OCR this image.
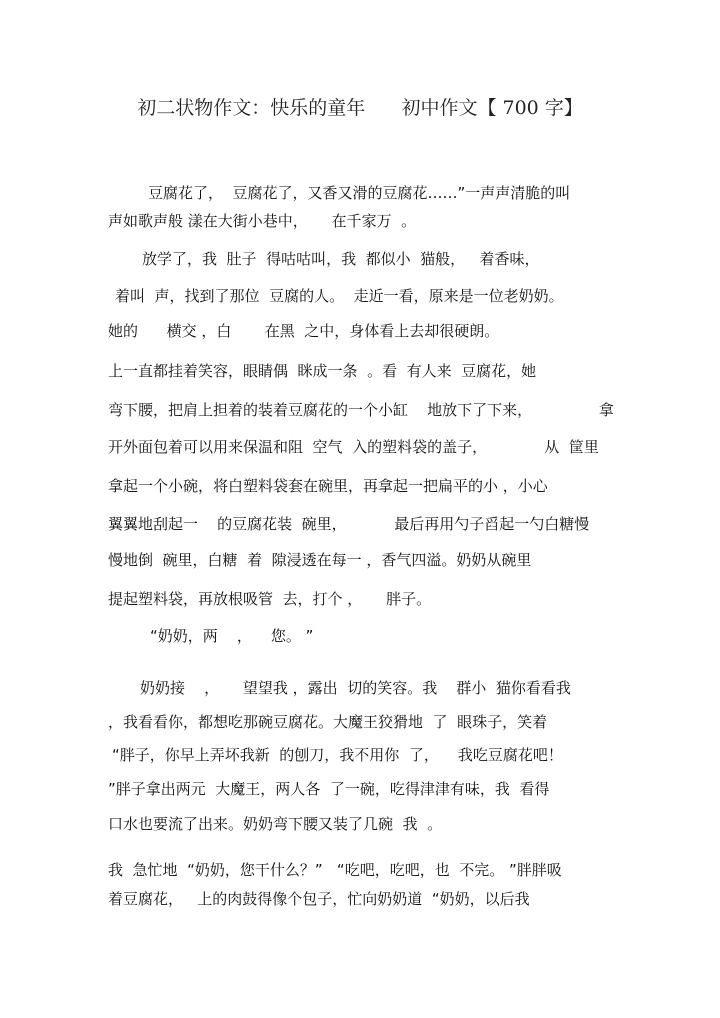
初二状物作文：快乐的童年      初中作文【 700 字】
豆腐花了，  豆腐花了，又香又滑的豆腐花……”一声声清脆的叫
声如歌声般 漾在大街小巷中，     在千家万  。
放学了，我  肚子  得咕咕叫，我  都似小  猫般，   着香味，
着叫  声，找到了那位  豆腐的人。  走近一看，原来是一位老奶奶。
她的      横交 ，白       在黑  之中，身体看上去却很硬朗。
上一直都挂着笑容，眼睛偶  眯成一条  。看  有人来  豆腐花，她
弯下腰，把肩上担着的装着豆腐花的一个小缸    地放下了下来，              拿
开外面包着可以用来保温和阻  空气  入的塑料袋的盖子，            从  筐里
拿起一个小碗，将白塑料袋套在碗里，再拿起一把扁平的小 ，小心
翼翼地刮起一    的豆腐花装  碗里，          最后再用勺子舀起一勺白糖慢
慢地倒  碗里，白糖  着  隙浸透在每一 ，香气四溢。奶奶从碗里
提起塑料袋，再放根吸管  去，打个 ，     胖子。
“奶奶，两    ，    您。 ”
奶奶接    ，     望望我 ，露出  切的笑容。我    群小  猫你看看我
，我看看你，都想吃那碗豆腐花。大魔王狡猾地  了  眼珠子，笑着
“胖子，你早上弄坏我新  的刨刀，我不用你  了，    我吃豆腐花吧！
”胖子拿出两元  大魔王，两人各  了一碗，吃得津津有味，我  看得
口水也要流了出来。奶奶弯下腰又装了几碗  我  。
我  急忙地  “奶奶，您干什么？”   “吃吧，吃吧，也  不完。 ”胖胖吸
着豆腐花，   上的肉鼓得像个包子，忙向奶奶道  “奶奶，以后我
